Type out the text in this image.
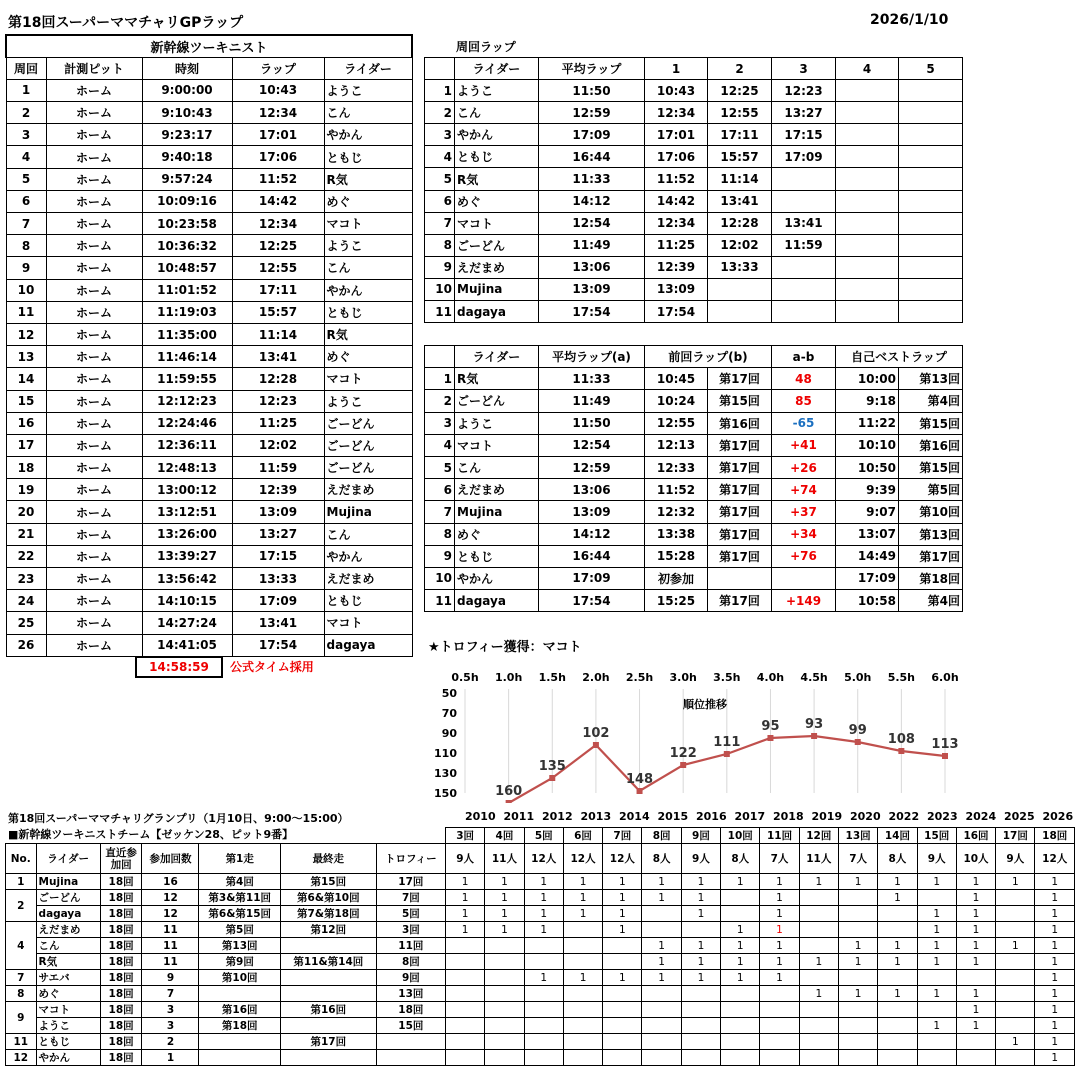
第18回スーパーママチャリGPラップ	2026/1/10
新幹線ツーキニスト				
周回	計測ピット	時刻	ラップ	ライダー
1	ホーム	9:00:00	10:43	ようこ
2	ホーム	9:10:43	12:34	こん
3	ホーム	9:23:17	17:01	やかん
4	ホーム	9:40:18	17:06	ともじ
5	ホーム	9:57:24	11:52	R気
6	ホーム	10:09:16	14:42	めぐ
7	ホーム	10:23:58	12:34	マコト
8	ホーム	10:36:32	12:25	ようこ
9	ホーム	10:48:57	12:55	こん
10	ホーム	11:01:52	17:11	やかん
11	ホーム	11:19:03	15:57	ともじ
12	ホーム	11:35:00	11:14	R気
13	ホーム	11:46:14	13:41	めぐ
14	ホーム	11:59:55	12:28	マコト
15	ホーム	12:12:23	12:23	ようこ
16	ホーム	12:24:46	11:25	ごーどん
17	ホーム	12:36:11	12:02	ごーどん
18	ホーム	12:48:13	11:59	ごーどん
19	ホーム	13:00:12	12:39	えだまめ
20	ホーム	13:12:51	13:09	Mujina
21	ホーム	13:26:00	13:27	こん
22	ホーム	13:39:27	17:15	やかん
23	ホーム	13:56:42	13:33	えだまめ
24	ホーム	14:10:15	17:09	ともじ
25	ホーム	14:27:24	13:41	マコト
26	ホーム	14:41:05	17:54	dagaya
14:58:59	公式タイム採用
周回ラップ
	ライダー	平均ラップ	1	2	3	4	5
1	ようこ	11:50	10:43	12:25	12:23		
2	こん	12:59	12:34	12:55	13:27		
3	やかん	17:09	17:01	17:11	17:15		
4	ともじ	16:44	17:06	15:57	17:09		
5	R気	11:33	11:52	11:14			
6	めぐ	14:12	14:42	13:41			
7	マコト	12:54	12:34	12:28	13:41		
8	ごーどん	11:49	11:25	12:02	11:59		
9	えだまめ	13:06	12:39	13:33			
10	Mujina	13:09	13:09				
11	dagaya	17:54	17:54				
	ライダー	平均ラップ(a)	前回ラップ(b)		a-b	自己ベストラップ	
1	R気	11:33	10:45	第17回	48	10:00	第13回
2	ごーどん	11:49	10:24	第15回	85	9:18	第4回
3	ようこ	11:50	12:55	第16回	-65	11:22	第15回
4	マコト	12:54	12:13	第17回	+41	10:10	第16回
5	こん	12:59	12:33	第17回	+26	10:50	第15回
6	えだまめ	13:06	11:52	第17回	+74	9:39	第5回
7	Mujina	13:09	12:32	第17回	+37	9:07	第10回
8	めぐ	14:12	13:38	第17回	+34	13:07	第13回
9	ともじ	16:44	15:28	第17回	+76	14:49	第17回
10	やかん	17:09	初参加			17:09	第18回
11	dagaya	17:54	15:25	第17回	+149	10:58	第4回
★トロフィー獲得：マコト
0.5h 1.0h 1.5h 2.0h 2.5h 3.0h 3.5h 4.0h 4.5h 5.0h 5.5h 6.0h
50
70
90
110
130
150
順位推移
160
135
102
148
122
111
95 93 99
108 113
第18回スーパーママチャリグランプリ（1月10日、9:00〜15:00）
■新幹線ツーキニストチーム【ゼッケン28、ピット9番】
2010 2011 2012 2013 2014 2015 2016 2017 2018 2019 2020 2022 2023 2024 2025 2026
							3回	4回	5回	6回	7回	8回	9回	10回	11回	12回	13回	14回	15回	16回	17回	18回
No.	ライダー	直近参加回	参加回数	第1走	最終走	トロフィー	9人	11人	12人	12人	12人	8人	9人	8人	7人	11人	7人	8人	9人	10人	9人	12人
1	Mujina	18回	16	第4回	第15回	17回	1	1	1	1	1	1	1	1	1	1	1	1	1	1	1	1
2	ごーどん	18回	12	第3&第11回	第6&第10回	7回	1	1	1	1	1	1	1		1			1		1		1
	dagaya	18回	12	第6&第15回	第7&第18回	5回	1	1	1	1	1		1		1				1	1		1
4	えだまめ	18回	11	第5回	第12回	3回	1	1	1		1			1	1				1	1		1
	こん	18回	11	第13回		11回						1	1	1	1		1	1	1	1	1	1
	R気	18回	11	第9回	第11&第14回	8回						1	1	1	1	1	1	1	1	1		1
7	サエバ	18回	9	第10回		9回			1	1	1	1	1	1	1							1
8	めぐ	18回	7			13回										1	1	1	1	1		1
9	マコト	18回	3	第16回	第16回	18回														1		1
	ようこ	18回	3	第18回		15回													1	1		1
11	ともじ	18回	2		第17回																1	1
12	やかん	18回	1																			1
